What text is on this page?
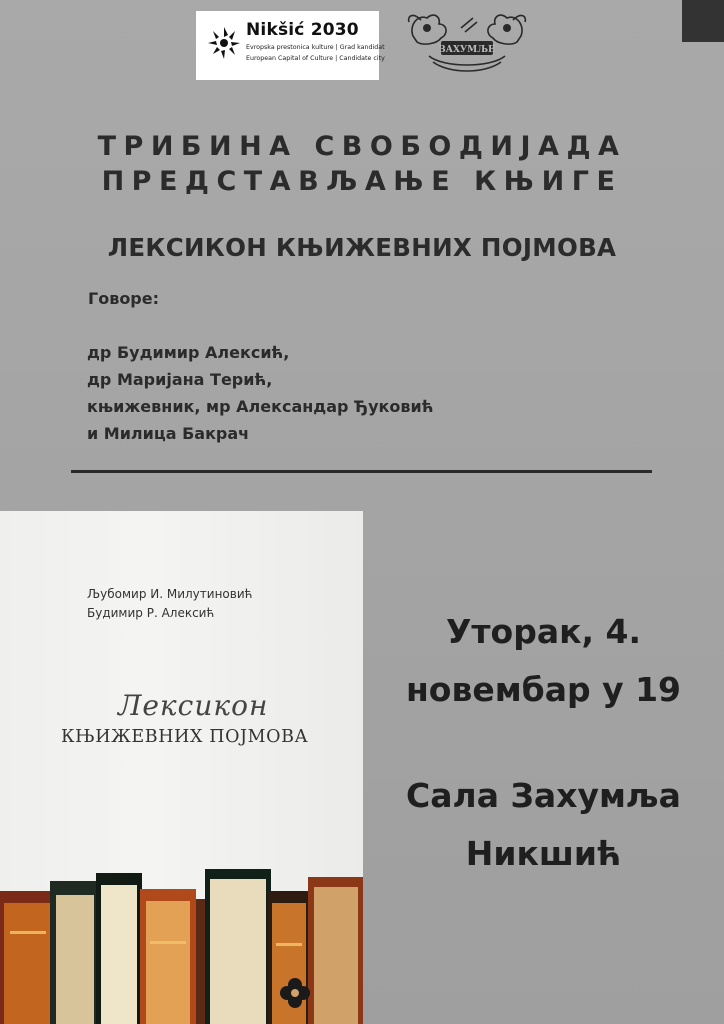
Nikšić 2030
Evropska prestonica kulture | Grad kandidat
European Capital of Culture | Candidate city
ЗАХУМЉЕ
ТРИБИНА СВОБОДИЈАДА
ПРЕДСТАВЉАЊЕ КЊИГЕ
ЛЕКСИКОН КЊИЖЕВНИХ ПОЈМОВА
Говоре:
др Будимир Алексић,
др Маријана Терић,
књижевник, мр Александар Ђуковић
и Милица Бакрач
Љубомир И. Милутиновић
Будимир Р. Алексић
Лексикон
КЊИЖЕВНИХ ПОЈМОВА
Уторак, 4.
новембар у 19
Сала Захумља
Никшић
